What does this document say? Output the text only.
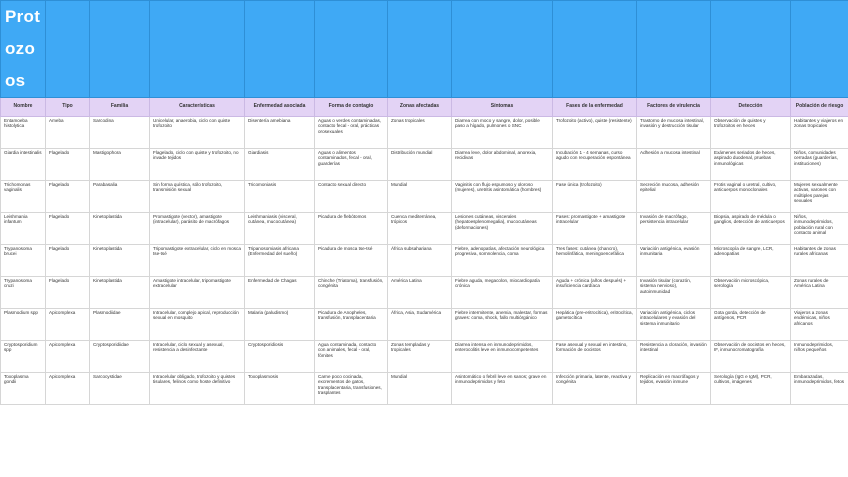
Protozoos											
Nombre	Tipo	Familia	Características	Enfermedad asociada	Forma de contagio	Zonas afectadas	Síntomas	Fases de la enfermedad	Factores de virulencia	Detección	Población de riesgo
Entamoeba histolytica	Ameba	Sarcodina	Unicelular, anaerobia, ciclo con quiste trofozoito	Disentería amebiana	Aguas o verdes contaminadas, contacto fecal - oral, prácticas orosexuales	Zonas tropicales	Diarrea con moco y sangre, dolor, posible paso a hígado, pulmones o SNC	Trofozoito (activo), quiste (resistente)	Trastorno de mucosa intestinal, invasión y destrucción tisular	Observación de quistes y trofozoitos en heces	Habitantes y viajeros en zonas tropicales
Giardia intestinalis	Flagelado	Mastigophora	Flagelado, ciclo con quiste y trofozoito, no invade tejidos	Giardiasis	Aguas o alimentos contaminados, fecal - oral, guarderías	Distribución mundial	Diarrea leve, dolor abdominal, anorexia, recidivas	Incubación 1 - 4 semanas, curso agudo con recuperación espontánea	Adhesión a mucosa intestinal	Exámenes seriados de heces, aspirado duodenal, pruebas inmunológicas	Niños, comunidades cerradas (guarderías, instituciones)
Trichomonas vaginalis	Flagelado	Parabasalia	Sin forma quística, sólo trofozoito, transmisión sexual	Tricomoniasis	Contacto sexual directo	Mundial	Vaginitis con flujo espumoso y oloroso (mujeres), uretritis asintomática (hombres)	Fase única (trofozoito)	Secreción mucosa, adhesión epitelial	Frotis vaginal o uretral, cultivo, anticuerpos monoclonales	Mujeres sexualmente activas, varones con múltiples parejas sexuales
Leishmania infantum	Flagelado	Kinetoplastida	Promastigote (vector), amastigote (intracelular), parásito de macrófagos	Leishmaniasis (visceral, cutánea, mucocutánea)	Picadura de flebótomos	Cuenca mediterránea, trópicos	Lesiones cutáneas, viscerales (hepatoesplenomegalia), mucocutáneas (deformaciones)	Fases: promastigote + amastigote intracelular	Invasión de macrófago, persistencia intracelular	Biopsia, aspirado de médula o ganglios, detección de anticuerpos	Niños, inmunodeprimidos, población rural con contacto animal
Trypanosoma brucei	Flagelado	Kinetoplastida	Tripomastigote extracelular, ciclo en mosca tse-tsé	Tripanosomiasis africana (Enfermedad del sueño)	Picadura de mosca tse-tsé	África subsahariana	Fiebre, adenopatías, afectación neurológica progresiva, somnolencia, coma	Tres fases: cutánea (chancro), hemolinfática, meningoencefálica	Variación antigénica, evasión inmunitaria	Microscopía de sangre, LCR, adenopatías	Habitantes de zonas rurales africanas
Trypanosoma cruzi	Flagelado	Kinetoplastida	Amastigote intracelular, tripomastigote extracelular	Enfermedad de Chagas	Chinche (Triatoma), transfusión, congénita	América Latina	Fiebre aguda, megacolon, miocardiopatía crónica	Aguda + crónica (años después) + insuficiencia cardíaca	Invasión tisular (corazón, sistema nervioso), autoinmunidad	Observación microscópica, serología	Zonas rurales de América Latina
Plasmodium spp	Apicomplexa	Plasmodiidae	Intracelular, complejo apical, reproducción sexual en mosquito	Malaria (paludismo)	Picadura de Anopheles, transfusión, transplacentaria	África, Asia, Sudamérica	Fiebre intermitente, anemia, malestar, formas graves: coma, shock, fallo multiórgánico	Hepática (pre-eritrocítica), eritrocítica, gametocítica	Variación antigénica, ciclos intracelulares y evasión del sistema inmunitario	Gota gorda, detección de antígenos, PCR	Viajeros a zonas endémicas, niños africanos
Cryptosporidium spp	Apicomplexa	Cryptosporidiidae	Intracelular, ciclo sexual y asexual, resistencia a desinfectante	Cryptosporidiosis	Agua contaminada, contacto con animales, fecal - oral, fómites	Zonas templadas y tropicales	Diarrea intensa en inmunodeprimidos, enterocolitis leve en inmunocompetentes	Fase asexual y sexual en intestino, formación de oocistos	Resistencia a cloración, invasión intestinal	Observación de oocistos en heces, IF, inmunocromatografía	Inmunodeprimidos, niños pequeños
Toxoplasma gondii	Apicomplexa	Sarcocystidae	Intracelular obligado, trofozoito y quistes tisulares, felinos como hoste definitivo	Toxoplasmosis	Carne poco cocinada, excrementos de gatos, transplacentaria, transfusiones, trasplantes	Mundial	Asintomático o febril leve en sanos; grave en inmunodeprimidos y feto	Infección primaria, latente, reactiva y congénita	Replicación en macrófagos y tejidos, evasión inmune	Serología (IgG e IgM), PCR, cultivos, imágenes	Embarazadas, inmunodeprimidos, fetos
